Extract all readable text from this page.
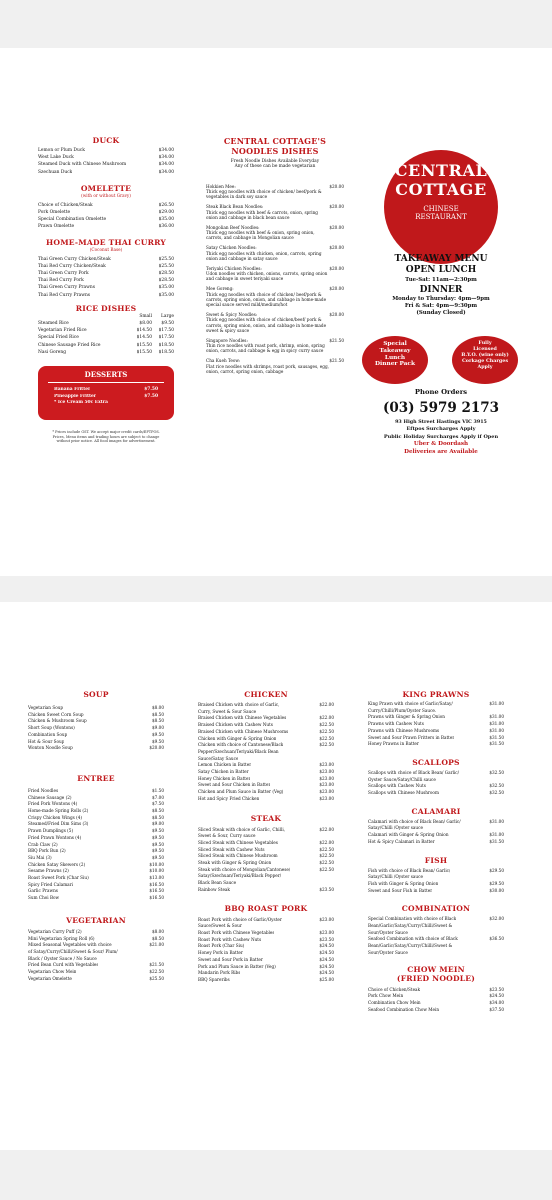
DUCK
Lemon or Plum Duck	$34.00
West Lake Duck	$34.00
Steamed Duck with Chinese Mushroom	$34.00
Szechuan Duck	$34.00
OMELETTE
(with or without Gravy)
Choice of Chicken/Steak	$26.50
Pork Omelette	$29.00
Special Combination Omelette	$35.00
Prawn Omelette	$36.00
HOME-MADE THAI CURRY
(Coconut Base)
Thai Green Curry Chicken/Steak	$25.50
Thai Red Curry Chicken/Steak	$25.50
Thai Green Curry Pork	$28.50
Thai Red Curry Pork	$28.50
Thai Green Curry Prawns	$35.00
Thai Red Curry Prawns	$35.00
RICE DISHES
Small	Large
Steamed Rice	$8.00	$9.50
Vegetarian Fried Rice	$14.50	$17.50
Special Fried Rice	$14.50	$17.50
Chinese Sausage Fried Rice	$15.50	$18.50
Nasi Goreng	$15.50	$18.50
DESSERTS
Banana Fritter	$7.50
Pineapple Fritter	$7.50
* Ice Cream 50c Extra
* Prices include GST. We accept major credit cards/EFTPOS. Prices, Menu items and trading hours are subject to change without prior notice. All food images for advertisement.
CENTRAL COTTAGE'S
NOODLES DISHES
Fresh Noodle Dishes Available Everyday
Any of these can be made vegetarian
Hokkien Mee:	$20.00
Thick egg noodles with choice of chicken/ beef/pork & vegetables in dark soy sauce
Steak Black Bean Noodles:	$20.00
Thick egg noodles with beef & carrots, onion, spring onion and cabbage in black bean sauce
Mongolian Beef Noodles:	$20.00
Thick egg noodles with beef & onion, spring onion, carrots, and cabbage in Mongolian sauce
Satay Chicken Noodles:	$20.00
Thick egg noodles with chicken, onion, carrots, spring onion and cabbage in satay sauce
Teriyaki Chicken Noodles:	$20.00
Udon noodles with chicken, onions, carrots, spring onion and cabbage in sweet teriyaki sauce
Mee Goreng:	$20.00
Thick egg noodles with choice of chicken/ beef/pork & carrots, spring onion, onion, and cabbage in home-made special sauce served mild/medium/hot
Sweet & Spicy Noodles:	$20.00
Thick egg noodles with choice of chicken/beef/ pork & carrots, spring onion, onion, and cabbage in home-made sweet & spicy sauce
Singapore Noodles:	$21.50
Thin rice noodles with roast pork, shrimp, onion, spring onion, carrots, and cabbage & egg in spicy curry sauce
Cha Kueh Teow:	$21.50
Flat rice noodles with shrimps, roast pork, sausages, egg, onion, carrot, spring onion, cabbage
CENTRAL
COTTAGE
CHINESE
RESTAURANT
TAKEAWAY MENU
OPEN LUNCH
Tue-Sat: 11am—2:30pm
DINNER
Monday to Thursday: 4pm—9pm
Fri & Sat: 4pm—9:30pm
(Sunday Closed)
Special
Takeaway
Lunch
Dinner Pack
Fully
Licensed
B.Y.O. (wine only)
Corkage Charges
Apply
Phone Orders
(03) 5979 2173
93 High Street Hastings VIC 3915
Eftpos Surcharges Apply
Public Holiday Surcharges Apply if Open
Uber & Doordash
Deliveries are Available
SOUP
Vegetarian Soup	$8.00
Chicken Sweet Corn Soup	$8.50
Chicken & Mushroom Soup	$8.50
Short Soup (Wontons)	$9.00
Combination Soup	$9.50
Hot & Sour Soup	$9.50
Wonton Noodle Soup	$20.00
ENTREE
Fried Noodles	$1.50
Chinese Sausage (2)	$7.00
Fried Pork Wontons (4)	$7.50
Home-made Spring Rolls (2)	$8.50
Crispy Chicken Wings (4)	$8.50
Steamed/Fried Dim Sims (3)	$9.00
Prawn Dumplings (5)	$9.50
Fried Prawn Wontons (4)	$9.50
Crab Claw (2)	$9.50
BBQ Pork Bun (2)	$9.50
Siu Mai (3)	$9.50
Chicken Satay Skewers (2)	$10.00
Sesame Prawns (2)	$10.00
Roast Sweet Pork (Char Siu)	$13.00
Spicy Fried Calamari	$16.50
Garlic Prawns	$16.50
Sum Choi Bow	$16.50
VEGETARIAN
Vegetarian Curry Puff (2)	$8.00
Mini Vegetarian Spring Roll (6)	$8.50
Mixed Seasonal Vegetables with choice	$21.00
of Satay/Curry/Chilli/Sweet & Sour/ Plum/
Black / Oyster Sauce / No Sauce
Fried Bean Curd with Vegetables	$21.50
Vegetarian Chow Mein	$22.50
Vegetarian Omelette	$25.50
CHICKEN
Braised Chicken with choice of Garlic,	$22.00
Curry, Sweet & Sour Sauce
Braised Chicken with Chinese Vegetables	$22.00
Braised Chicken with Cashew Nuts	$22.50
Braised Chicken with Chinese Mushrooms	$22.50
Chicken with Ginger & Spring Onion	$22.50
Chicken with choice of Cantonese/Black	$22.50
Pepper/Szechuan/Teriyaki/Black Bean
Sauce/Satay Sauce
Lemon Chicken in Batter	$23.00
Satay Chicken in Batter	$23.00
Honey Chicken in Batter	$23.00
Sweet and Sour Chicken in Batter	$23.00
Chicken and Plum Sauce in Batter (Veg)	$23.00
Hot and Spicy Fried Chicken	$23.00
STEAK
Sliced Steak with choice of Garlic, Chilli,	$22.00
Sweet & Sour, Curry sauce
Sliced Steak with Chinese Vegetables	$22.00
Sliced Steak with Cashew Nuts	$22.50
Sliced Steak with Chinese Mushroom	$22.50
Steak with Ginger & Spring Onion	$22.50
Steak with choice of Mongolian/Cantonese/	$22.50
Satay/Szechuan/Teriyaki/Black Pepper/
Black Bean Sauce
Rainbow Steak	$23.50
BBQ ROAST PORK
Roast Pork with choice of Garlic/Oyster	$23.00
Sauce/Sweet & Sour
Roast Pork with Chinese Vegetables	$23.00
Roast Pork with Cashew Nuts	$23.50
Roast Pork (Char Siu)	$24.50
Honey Pork in Batter	$24.50
Sweet and Sour Pork in Batter	$24.50
Pork and Plum Sauce in Batter (Veg)	$24.50
Mandarin Pork Ribs	$24.50
BBQ Spareribs	$25.00
KING PRAWNS
King Prawn with choice of Garlic/Satay/	$31.00
Curry/Chilli/Plum/Oyster Sauce.
Prawns with Ginger & Spring Onion	$31.00
Prawns with Cashew Nuts	$31.00
Prawns with Chinese Mushrooms	$31.00
Sweet and Sour Prawn Fritters in Batter	$31.50
Honey Prawns in Batter	$31.50
SCALLOPS
Scallops with choice of Black Bean/ Garlic/	$32.50
Oyster Sauce/Satay/Chilli sauce
Scallops with Cashew Nuts	$32.50
Scallops with Chinese Mushroom	$32.50
CALAMARI
Calamari with choice of Black Bean/ Garlic/	$31.00
Satay/Chilli /Oyster sauce
Calamari with Ginger & Spring Onion	$31.00
Hot & Spicy Calamari in Batter	$31.50
FISH
Fish with choice of Black Bean/ Garlic/	$29.50
Satay/Chilli /Oyster sauce
Fish with Ginger & Spring Onion	$29.50
Sweet and Sour Fish in Batter	$30.00
COMBINATION
Special Combination with choice of Black	$32.00
Bean/Garlic/Satay/Curry/Chilli/Sweet &
Sour/Oyster Sauce
Seafood Combination with choice of Black	$36.50
Bean/Garlic/Satay/Curry/Chilli/Sweet &
Sour/Oyster Sauce
CHOW MEIN
(FRIED NOODLE)
Choice of Chicken/Steak	$23.50
Pork Chow Mein	$24.50
Combination Chow Mein	$34.00
Seafood Combination Chow Mein	$37.50
